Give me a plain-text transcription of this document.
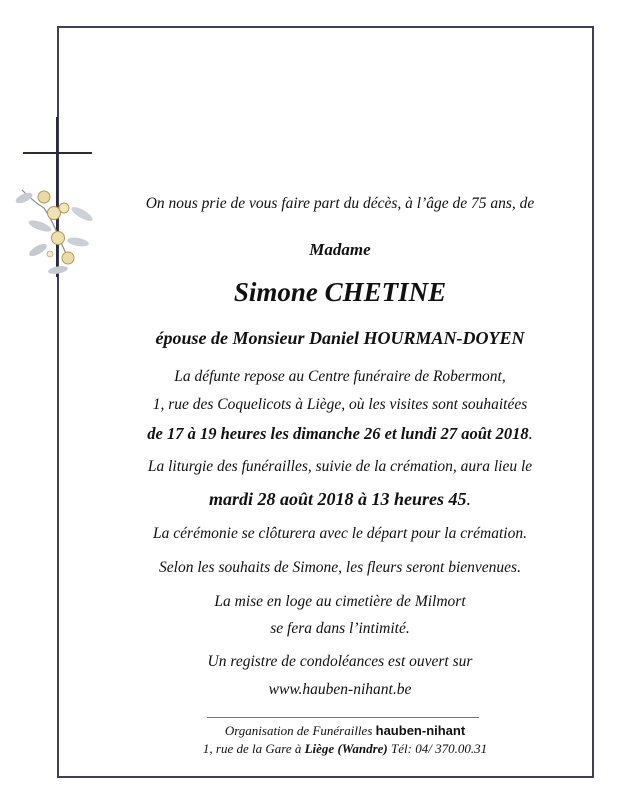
On nous prie de vous faire part du décès, à l’âge de 75 ans, de
Madame
Simone CHETINE
épouse de Monsieur Daniel HOURMAN-DOYEN
La défunte repose au Centre funéraire de Robermont,
1, rue des Coquelicots à Liège, où les visites sont souhaitées
de 17 à 19 heures les dimanche 26 et lundi 27 août 2018.
La liturgie des funérailles, suivie de la crémation, aura lieu le
mardi 28 août 2018 à 13 heures 45.
La cérémonie se clôturera avec le départ pour la crémation.
Selon les souhaits de Simone, les fleurs seront bienvenues.
La mise en loge au cimetière de Milmort
se fera dans l’intimité.
Un registre de condoléances est ouvert sur
www.hauben-nihant.be
Organisation de Funérailles hauben-nihant
1, rue de la Gare à Liège (Wandre) Tél: 04/ 370.00.31
